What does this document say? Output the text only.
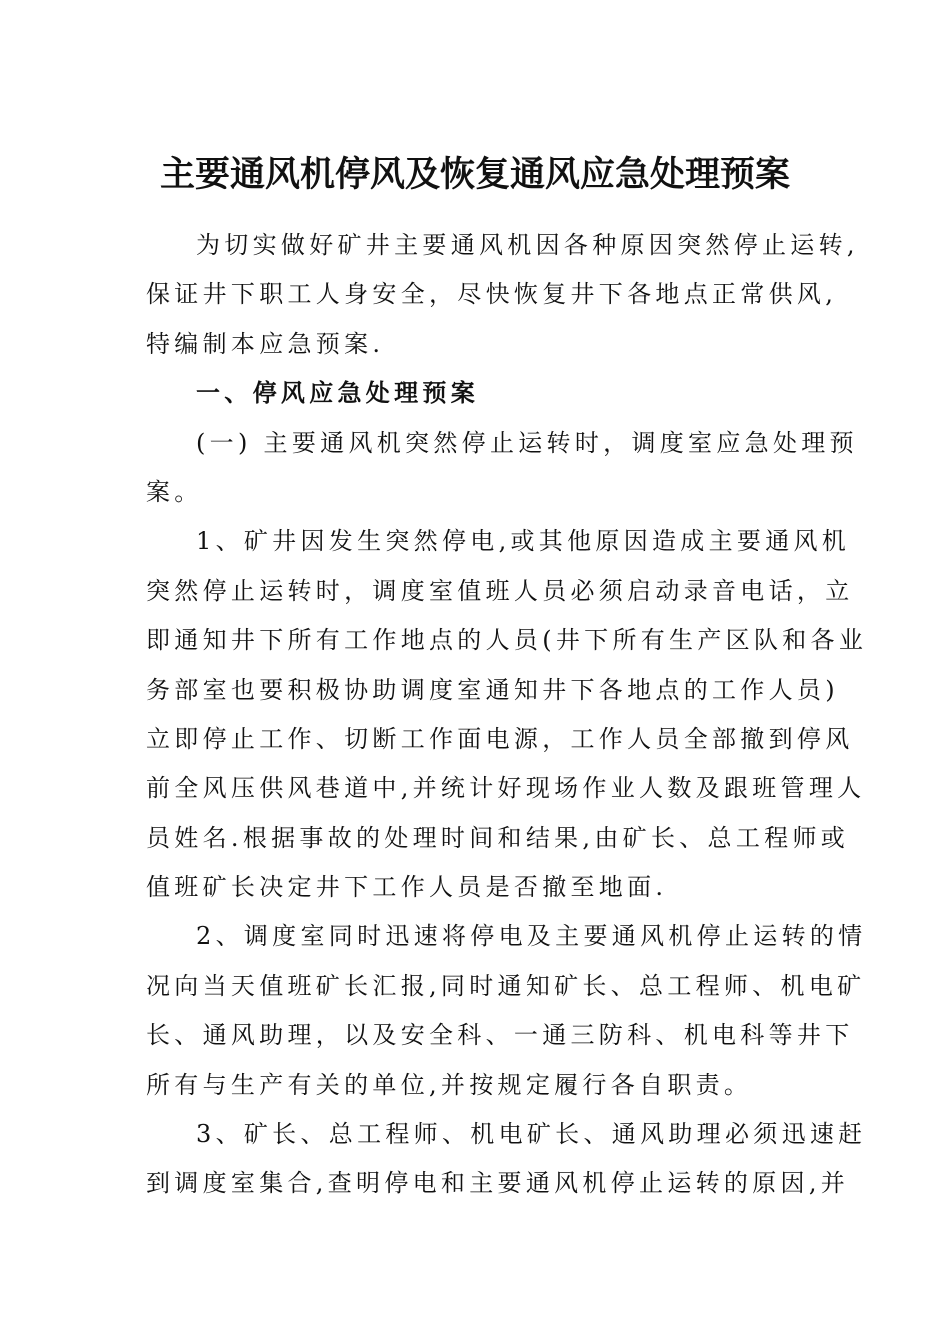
主要通风机停风及恢复通风应急处理预案
为切实做好矿井主要通风机因各种原因突然停止运转,
保证井下职工人身安全，尽快恢复井下各地点正常供风,
特编制本应急预案.
一、停风应急处理预案
(一) 主要通风机突然停止运转时，调度室应急处理预
案。
1、矿井因发生突然停电,或其他原因造成主要通风机
突然停止运转时，调度室值班人员必须启动录音电话，立
即通知井下所有工作地点的人员(井下所有生产区队和各业
务部室也要积极协助调度室通知井下各地点的工作人员)
立即停止工作、切断工作面电源，工作人员全部撤到停风
前全风压供风巷道中,并统计好现场作业人数及跟班管理人
员姓名.根据事故的处理时间和结果,由矿长、总工程师或
值班矿长决定井下工作人员是否撤至地面.
2、调度室同时迅速将停电及主要通风机停止运转的情
况向当天值班矿长汇报,同时通知矿长、总工程师、机电矿
长、通风助理，以及安全科、一通三防科、机电科等井下
所有与生产有关的单位,并按规定履行各自职责。
3、矿长、总工程师、机电矿长、通风助理必须迅速赶
到调度室集合,查明停电和主要通风机停止运转的原因,并
